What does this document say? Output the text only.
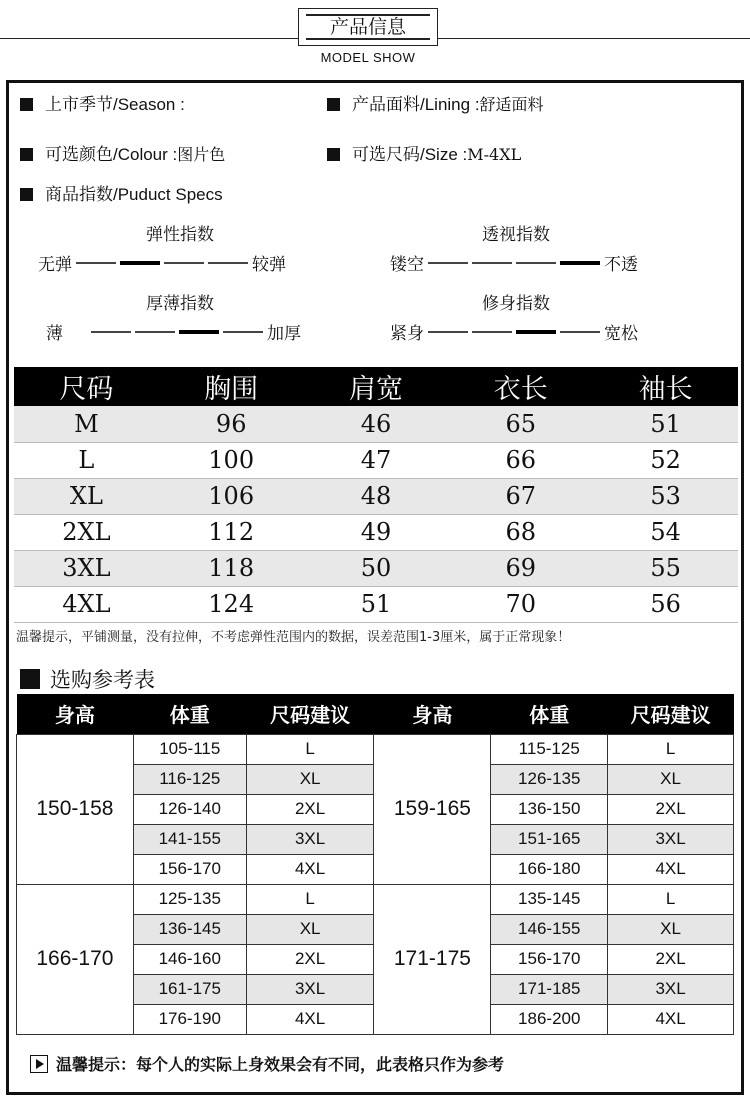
产品信息
MODEL SHOW
上市季节/Season :	产品面料/Lining :舒适面料
可选颜色/Colour :图片色	可选尺码/Size :M-4XL
商品指数/Puduct Specs
弹性指数
无弹	较弹
透视指数
镂空	不透
厚薄指数
薄	加厚
修身指数
紧身	宽松
尺码	胸围	肩宽	衣长	袖长
M	96	46	65	51
L	100	47	66	52
XL	106	48	67	53
2XL	112	49	68	54
3XL	118	50	69	55
4XL	124	51	70	56
温馨提示，平铺测量，没有拉伸，不考虑弹性范围内的数据，误差范围1-3厘米，属于正常现象！
选购参考表
身高	体重	尺码建议	身高	体重	尺码建议
150-158	105-115	L	159-165	115-125	L
	116-125	XL		126-135	XL
	126-140	2XL		136-150	2XL
	141-155	3XL		151-165	3XL
	156-170	4XL		166-180	4XL
166-170	125-135	L	171-175	135-145	L
	136-145	XL		146-155	XL
	146-160	2XL		156-170	2XL
	161-175	3XL		171-185	3XL
	176-190	4XL		186-200	4XL
温馨提示：每个人的实际上身效果会有不同，此表格只作为参考
